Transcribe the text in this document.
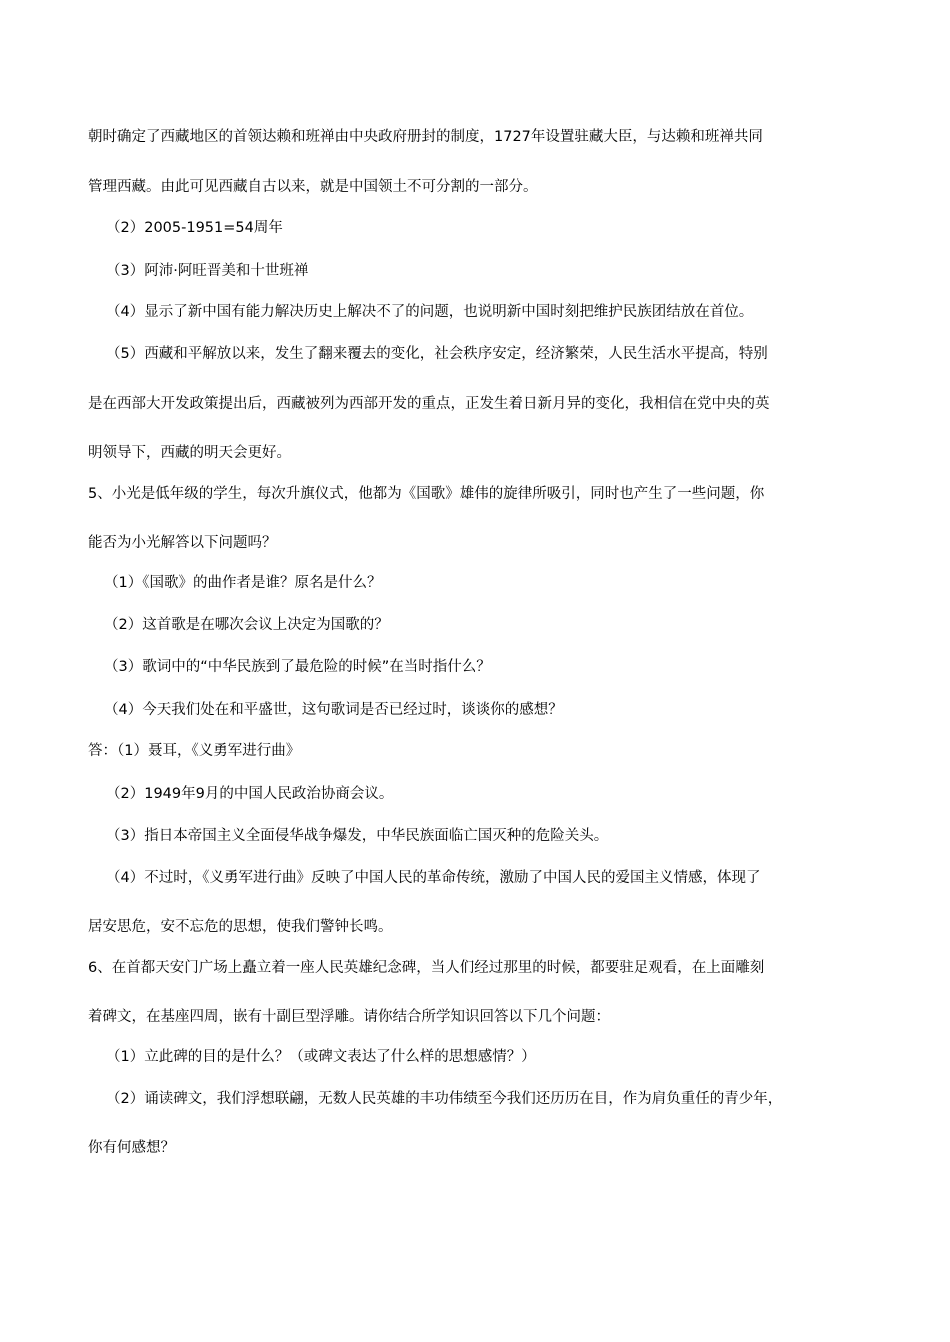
朝时确定了西藏地区的首领达赖和班禅由中央政府册封的制度，1727年设置驻藏大臣，与达赖和班禅共同
管理西藏。由此可见西藏自古以来，就是中国领土不可分割的一部分。
（2）2005-1951=54周年
（3）阿沛·阿旺晋美和十世班禅
（4）显示了新中国有能力解决历史上解决不了的问题，也说明新中国时刻把维护民族团结放在首位。
（5）西藏和平解放以来，发生了翻来覆去的变化，社会秩序安定，经济繁荣，人民生活水平提高，特别
是在西部大开发政策提出后，西藏被列为西部开发的重点，正发生着日新月异的变化，我相信在党中央的英
明领导下，西藏的明天会更好。
5、小光是低年级的学生，每次升旗仪式，他都为《国歌》雄伟的旋律所吸引，同时也产生了一些问题，你
能否为小光解答以下问题吗？
（1）《国歌》的曲作者是谁？原名是什么？
（2）这首歌是在哪次会议上决定为国歌的？
（3）歌词中的“中华民族到了最危险的时候”在当时指什么？
（4）今天我们处在和平盛世，这句歌词是否已经过时，谈谈你的感想？
答：（1）聂耳，《义勇军进行曲》
（2）1949年9月的中国人民政治协商会议。
（3）指日本帝国主义全面侵华战争爆发，中华民族面临亡国灭种的危险关头。
（4）不过时，《义勇军进行曲》反映了中国人民的革命传统，激励了中国人民的爱国主义情感，体现了
居安思危，安不忘危的思想，使我们警钟长鸣。
6、在首都天安门广场上矗立着一座人民英雄纪念碑，当人们经过那里的时候，都要驻足观看，在上面雕刻
着碑文，在基座四周，嵌有十副巨型浮雕。请你结合所学知识回答以下几个问题：
（1）立此碑的目的是什么？（或碑文表达了什么样的思想感情？）
（2）诵读碑文，我们浮想联翩，无数人民英雄的丰功伟绩至今我们还历历在目，作为肩负重任的青少年，
你有何感想？
